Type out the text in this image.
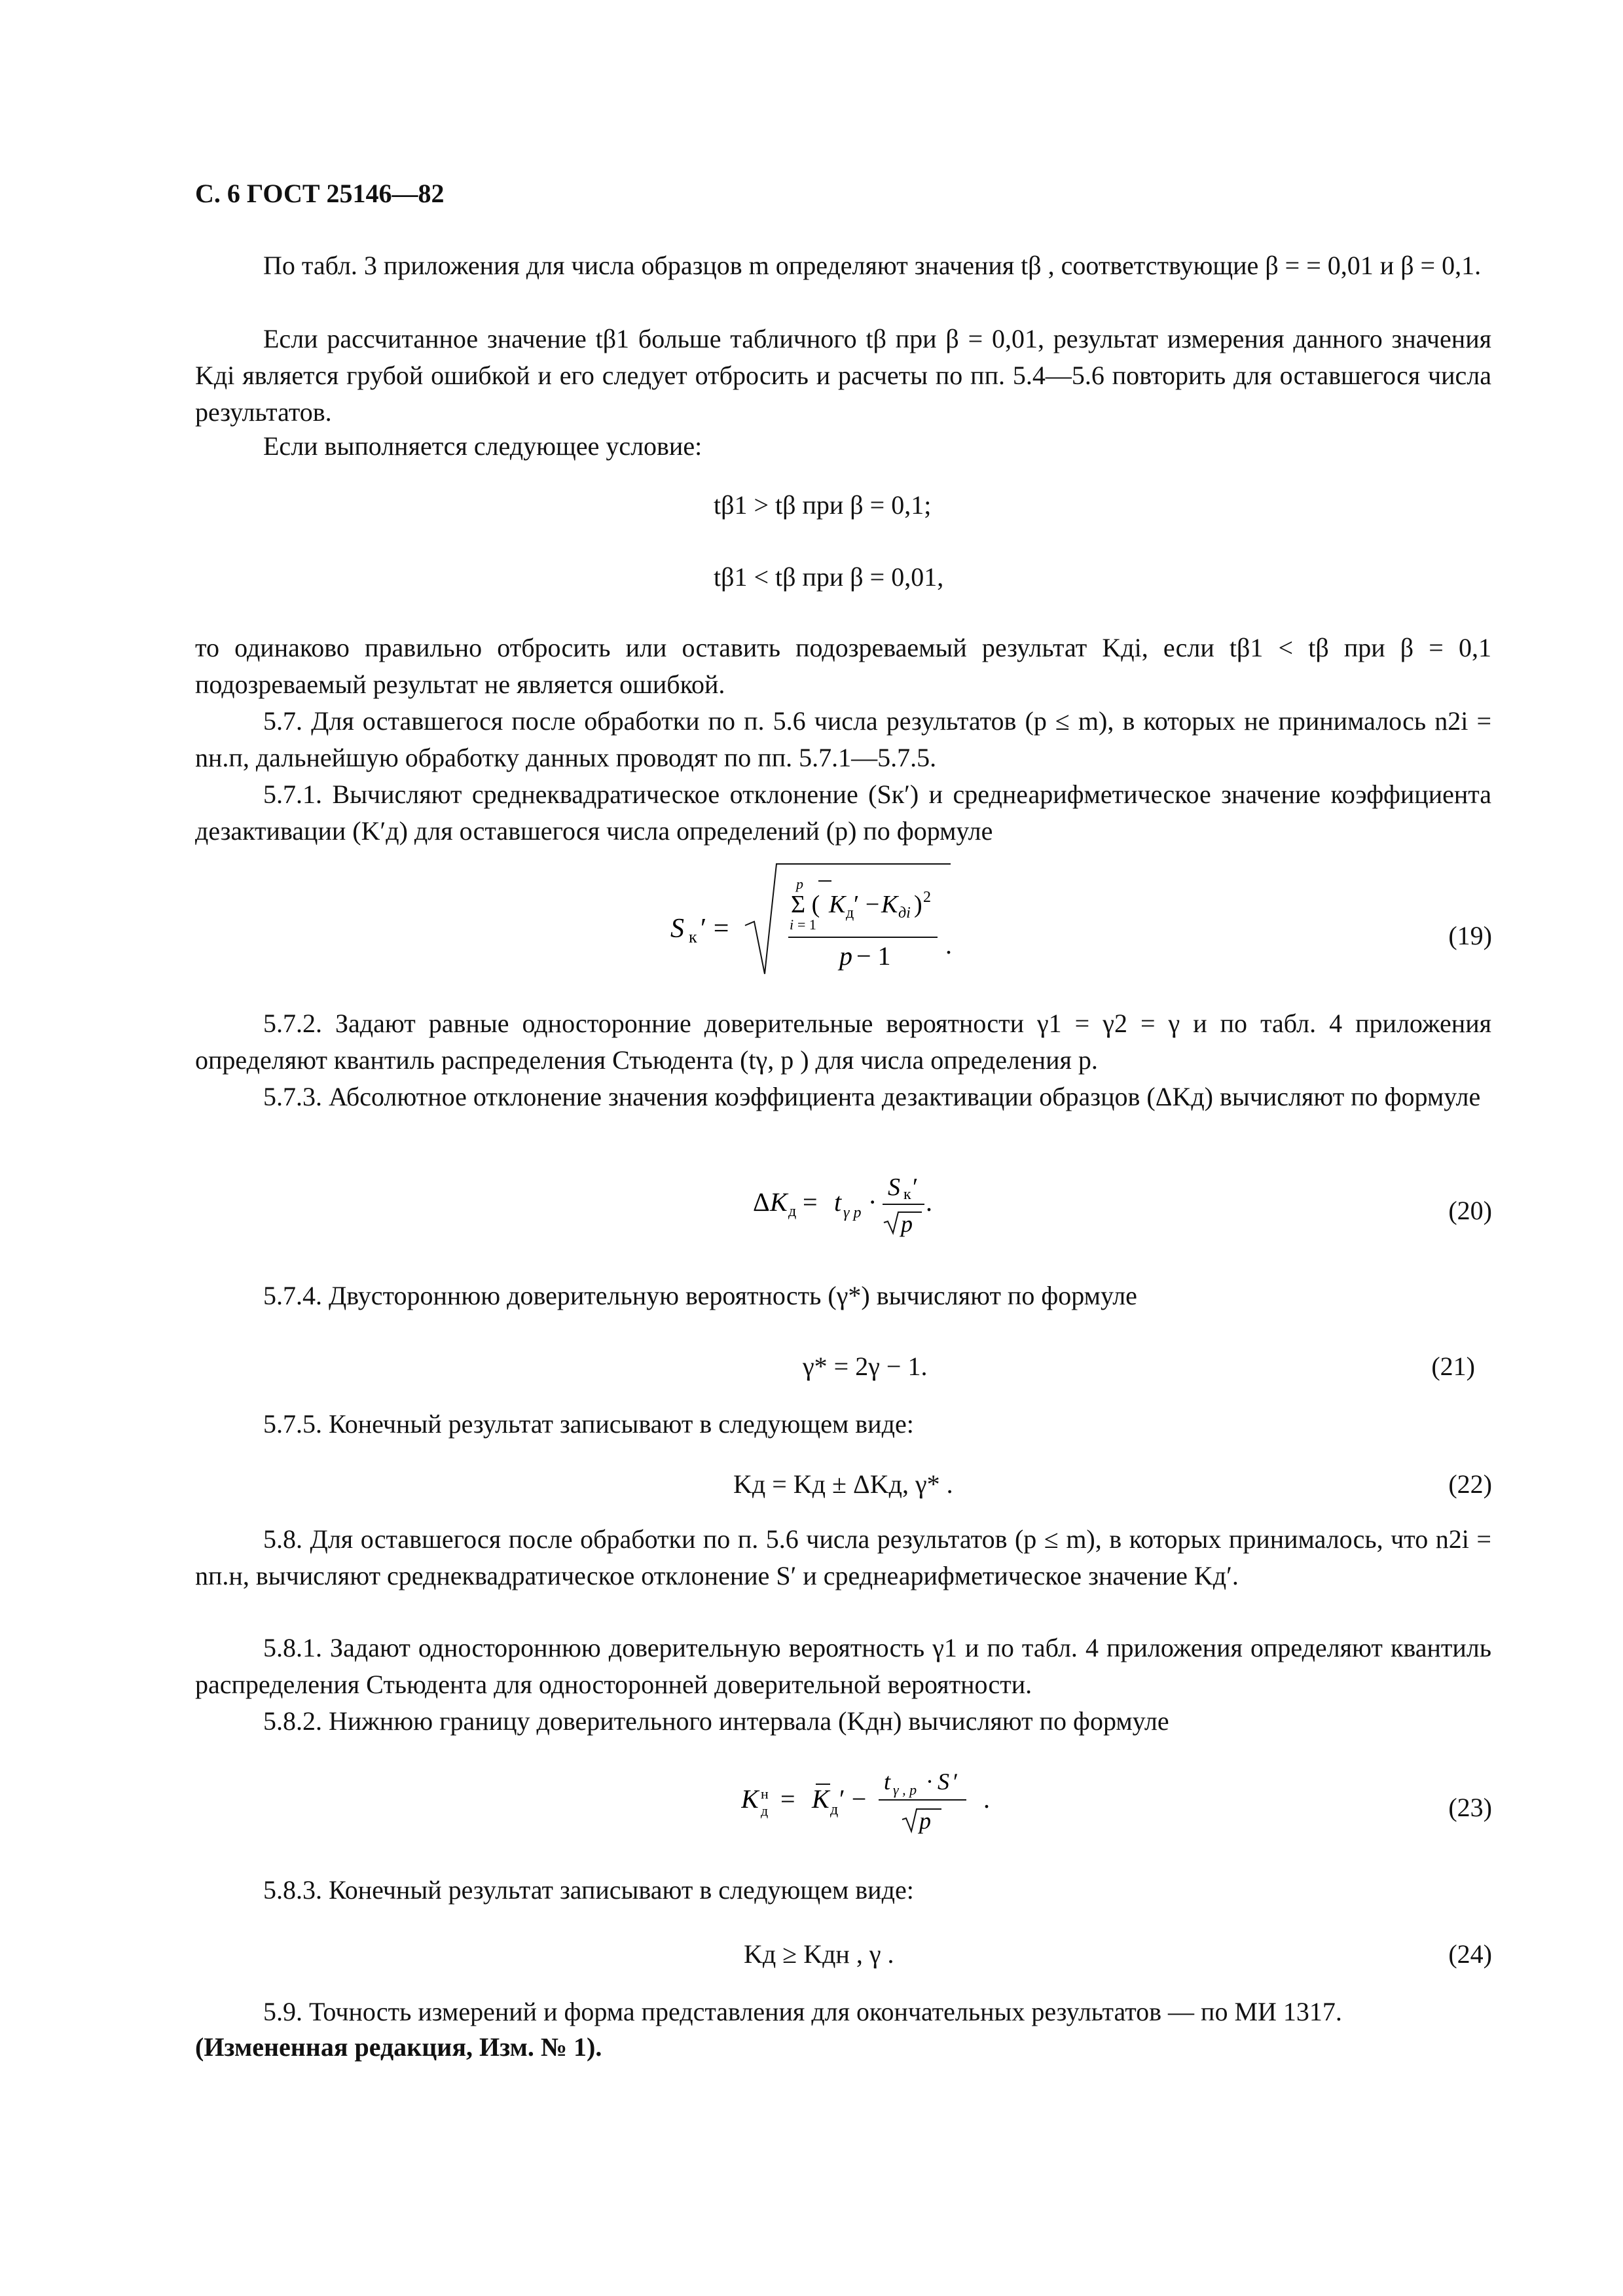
С. 6 ГОСТ 25146—82
По табл. 3 приложения для числа образцов m определяют значения tβ , соответствующие β = = 0,01 и β = 0,1.
Если рассчитанное значение tβ1 больше табличного tβ при β = 0,01, результат измерения данного значения Kдi является грубой ошибкой и его следует отбросить и расчеты по пп. 5.4—5.6 повторить для оставшегося числа результатов.
Если выполняется следующее условие:
tβ1 > tβ при β = 0,1;
tβ1 < tβ при β = 0,01,
то одинаково правильно отбросить или оставить подозреваемый результат Kдi, если tβ1 < tβ при β = 0,1 подозреваемый результат не является ошибкой.
5.7. Для оставшегося после обработки по п. 5.6 числа результатов (p ≤ m), в которых не принималось n2i = nн.п, дальнейшую обработку данных проводят по пп. 5.7.1—5.7.5.
5.7.1. Вычисляют среднеквадратическое отклонение (Sк′) и среднеарифметическое значение коэффициента дезактивации (K′д) для оставшегося числа определений (p) по формуле
S к ′ =
p
Σ ( K д ′ − K дi ) 2
i = 1
p − 1 .	(19)
5.7.2. Задают равные односторонние доверительные вероятности γ1 = γ2 = γ и по табл. 4 приложения определяют квантиль распределения Стьюдента (tγ, p ) для числа определения p.
5.7.3. Абсолютное отклонение значения коэффициента дезактивации образцов (ΔKд) вычисляют по формуле
Δ K д = t γ p · S к ′
p
.	(20)
5.7.4. Двустороннюю доверительную вероятность (γ*) вычисляют по формуле
γ* = 2γ − 1.	(21)
5.7.5. Конечный результат записывают в следующем виде:
Kд = Kд ± ΔKд, γ* .	(22)
5.8. Для оставшегося после обработки по п. 5.6 числа результатов (p ≤ m), в которых принималось, что n2i = nп.н, вычисляют среднеквадратическое отклонение S′ и среднеарифметическое значение Kд′.
5.8.1. Задают одностороннюю доверительную вероятность γ1 и по табл. 4 приложения определяют квантиль распределения Стьюдента для односторонней доверительной вероятности.
5.8.2. Нижнюю границу доверительного интервала (Kдн) вычисляют по формуле
K н
д = K д ′ −
t γ , p · S ′
p
.	(23)
5.8.3. Конечный результат записывают в следующем виде:
Kд ≥ Kдн , γ .	(24)
5.9. Точность измерений и форма представления для окончательных результатов — по МИ 1317.
(Измененная редакция, Изм. № 1).
